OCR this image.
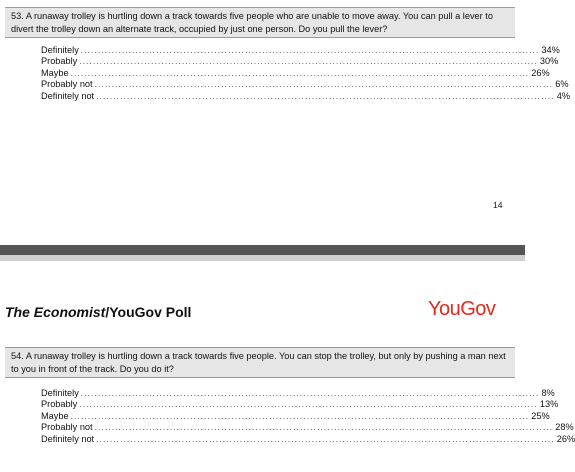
53. A runaway trolley is hurtling down a track towards five people who are unable to move away. You can pull a lever to divert the trolley down an alternate track, occupied by just one person. Do you pull the lever?
Definitely ...................................................................................................................................... 34%
Probably ...................................................................................................................................... 30%
Maybe ...................................................................................................................................... 26%
Probably not ...................................................................................................................................... 6%
Definitely not ...................................................................................................................................... 4%
14
The Economist/YouGov Poll	YouGov
54. A runaway trolley is hurtling down a track towards five people. You can stop the trolley, but only by pushing a man next to you in front of the track. Do you do it?
Definitely ...................................................................................................................................... 8%
Probably ...................................................................................................................................... 13%
Maybe ...................................................................................................................................... 25%
Probably not ...................................................................................................................................... 28%
Definitely not ...................................................................................................................................... 26%
